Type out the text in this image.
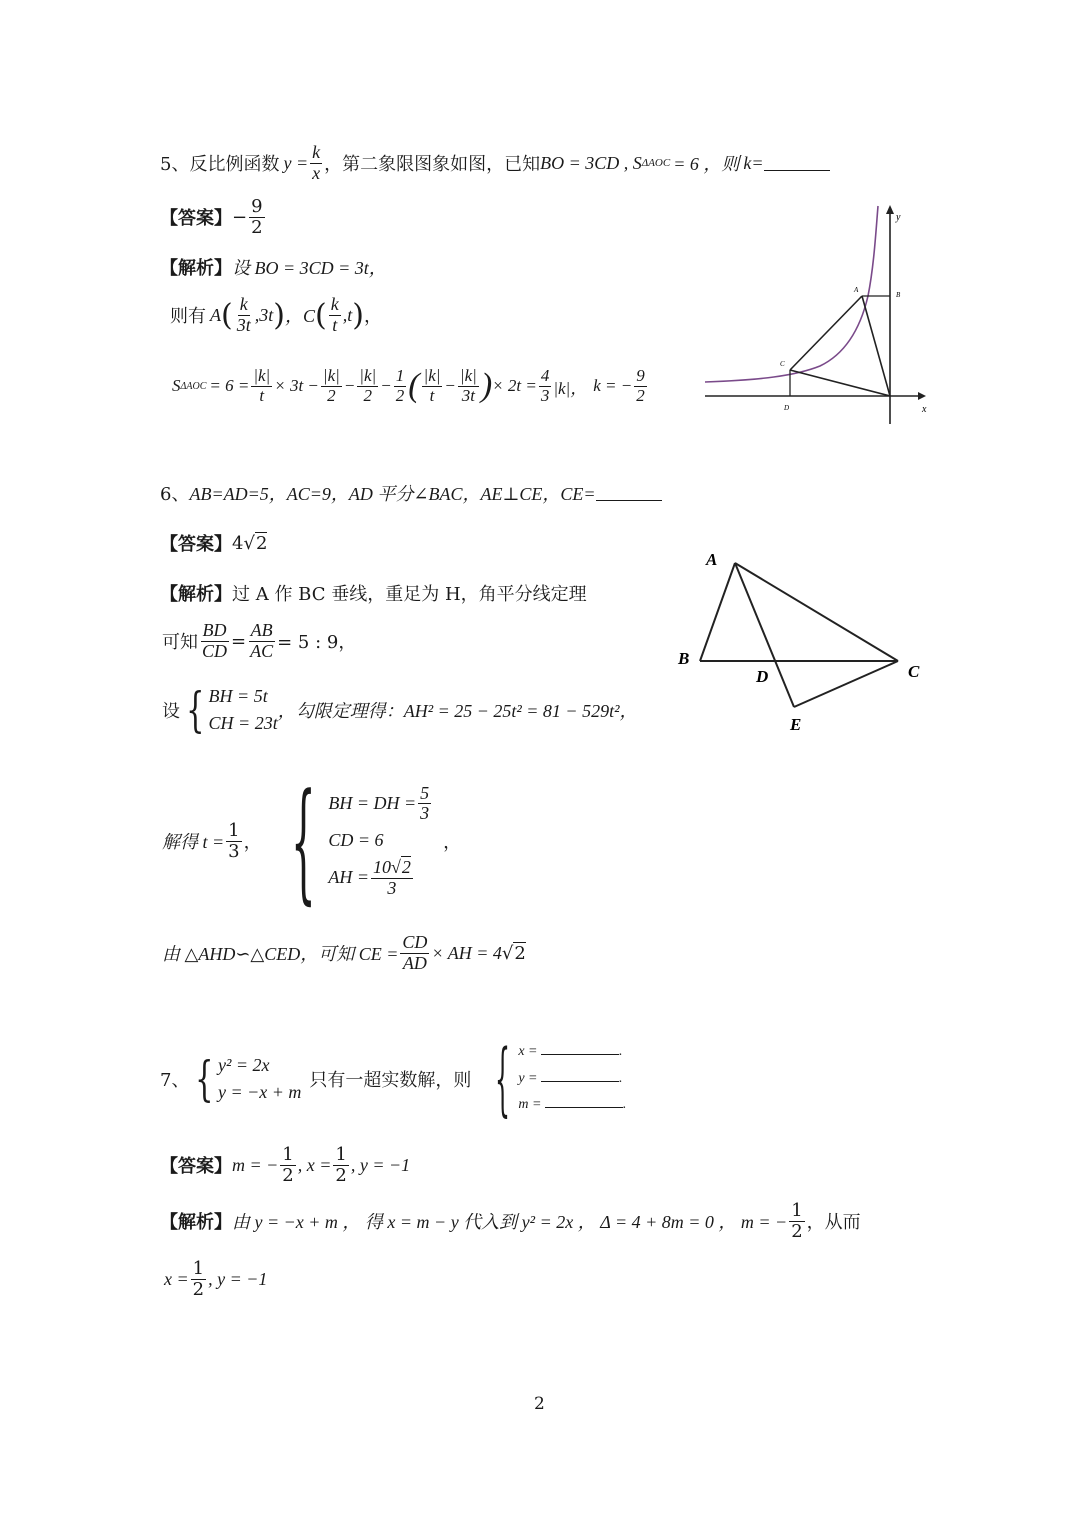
5、 反比例函数 $y = \frac{k}{x}$ ，第二象限图象如图，已知 BO = 3CD , S ΔAOC = 6 ，则 k=
【答案】 − $\frac{9}{2}$
【解析】设 BO = 3CD = 3t，
则有 A ( $\frac{k}{3t} ,3t$ ) ，C ( $\frac{k}{t} ,t$ ) ，
S $\Delta AOC = 6 = \frac{|k|}{t} \times 3t - \frac{|k|}{2} - \frac{|k|}{2} - \frac{1}{2}$ ( $\frac{|k|}{t} - \frac{|k|}{3t}$ ) × $2t = \frac{4}{3} |k|$， k = − $\frac{9}{2}$
y
x
A
B
C
D
6、 AB=AD=5，AC=9，AD 平分∠BAC，AE⊥CE，CE=
【答案】 4 √ 2
【解析】过 A 作 BC 垂线，重足为 H，角平分线定理
可知 $\frac{BD}{CD} = \frac{AB}{AC} = 5$ : 9，
设 { BH = 5t
CH = 23t
，勾限定理得：AH² = 25 − 25t² = 81 − 529t²，
解得 $t = \frac{1}{3}$ ， { BH = DH = $\frac{5}{3}$
CD = 6
AH = $\frac{10√2}{3}$
，
由 △AHD∽△CED，可知 CE = $\frac{CD}{AD}$ × AH = 4 √ 2
A
B
C
D
E
7、 { y² = 2x
y = −x + m
只有一超实数解，则 { x =	.
y =	.
m =	.
【答案】 m = − $\frac{1}{2}$ , $x = \frac{1}{2}$ , y = −1
【解析】 由 y = −x + m ， 得 x = m − y 代入到 y² = 2x ， Δ = 4 + 8m = 0 ， m = − $\frac{1}{2}$ ，从而
$x = \frac{1}{2}$ , y = −1
2
